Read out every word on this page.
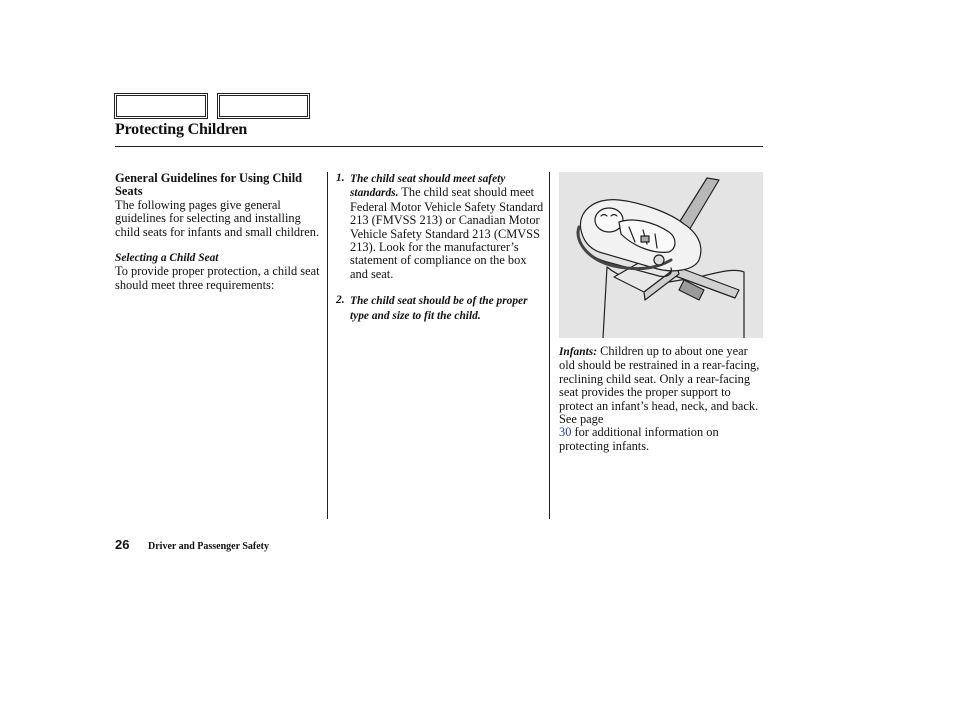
Protecting Children
General Guidelines for Using Child Seats
The following pages give general guidelines for selecting and installing child seats for infants and small children.
Selecting a Child Seat
To provide proper protection, a child seat should meet three requirements:
1. The child seat should meet safety standards. The child seat should meet Federal Motor Vehicle Safety Standard 213 (FMVSS 213) or Canadian Motor Vehicle Safety Standard 213 (CMVSS 213). Look for the manufacturer’s statement of compliance on the box and seat.
2. The child seat should be of the proper type and size to fit the child.
Infants: Children up to about one year old should be restrained in a rear-facing, reclining child seat. Only a rear-facing seat provides the proper support to protect an infant’s head, neck, and back. See page
30 for additional information on protecting infants.
26 Driver and Passenger Safety
